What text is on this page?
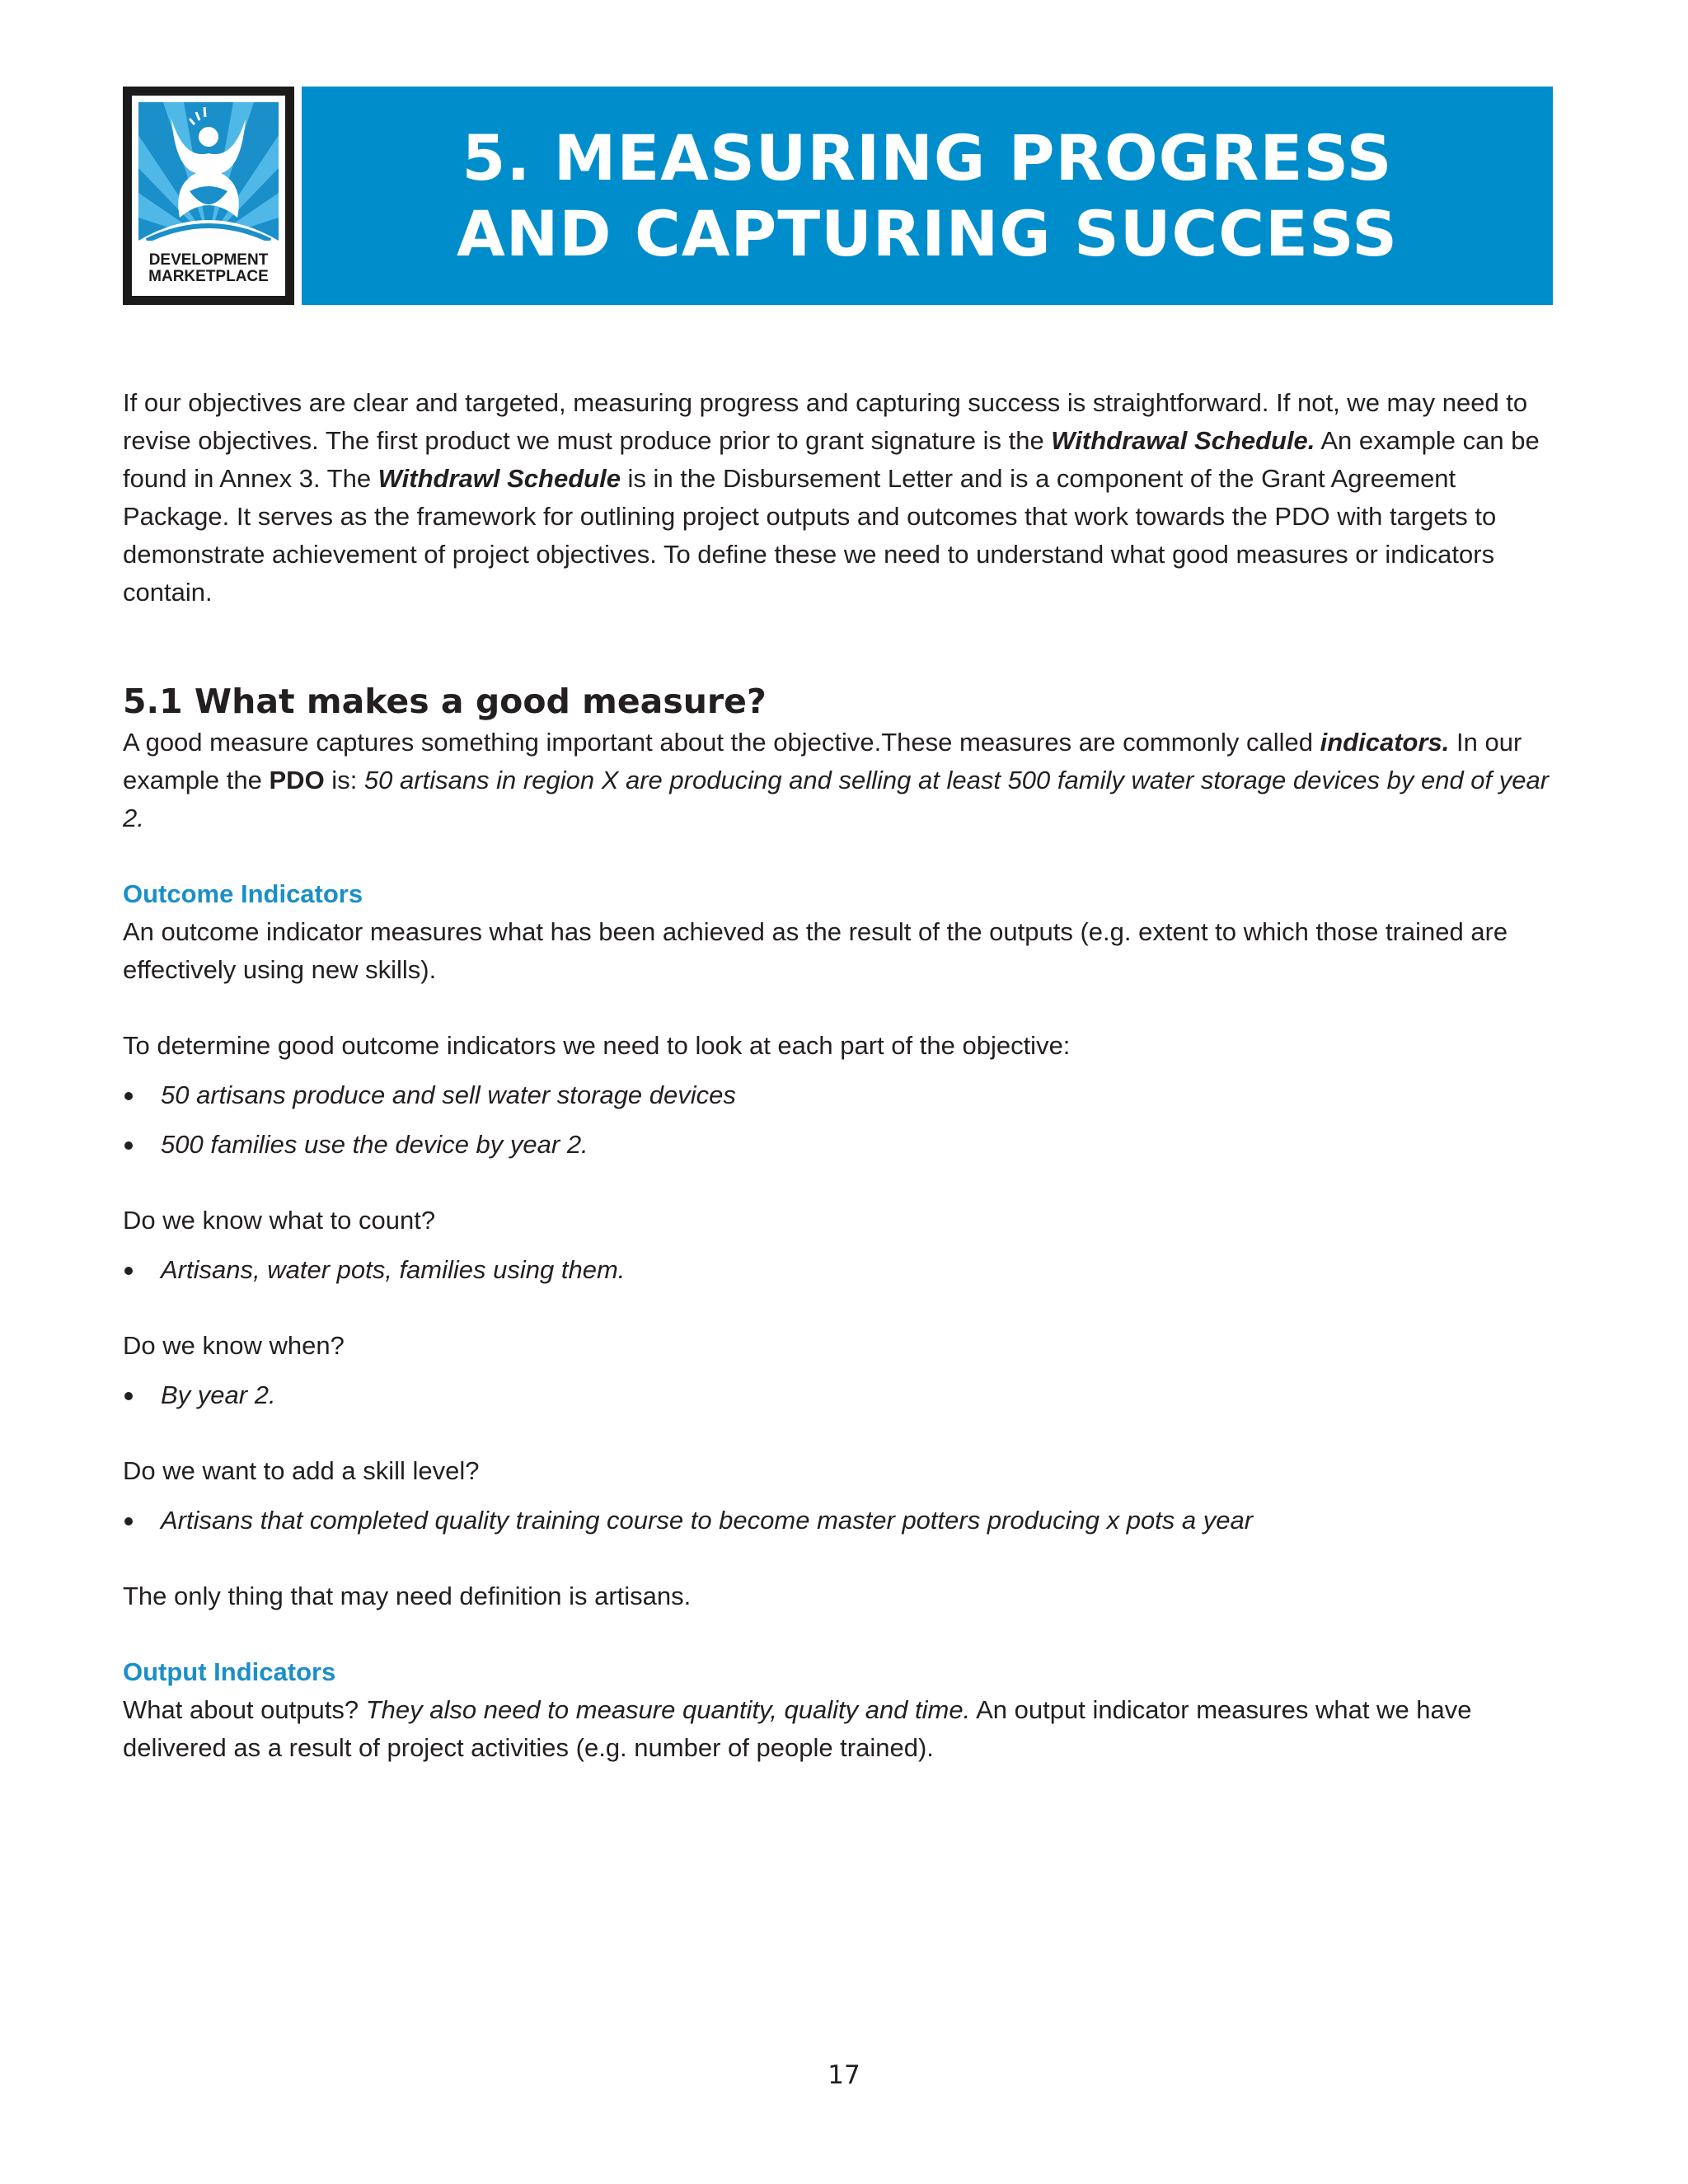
DEVELOPMENT
MARKETPLACE
5. MEASURING PROGRESS
AND CAPTURING SUCCESS

If our objectives are clear and targeted, measuring progress and capturing success is straightforward. If not, we may need to revise objectives. The first product we must produce prior to grant signature is the Withdrawal Schedule. An example can be found in Annex 3. The Withdrawl Schedule is in the Disbursement Letter and is a component of the Grant Agreement Package. It serves as the framework for outlining project outputs and outcomes that work towards the PDO with targets to demonstrate achievement of project objectives. To define these we need to understand what good measures or indicators contain.

5.1 What makes a good measure?

A good measure captures something important about the objective.These measures are commonly called indicators. In our example the PDO is: 50 artisans in region X are producing and selling at least 500 family water storage devices by end of year 2.

Outcome Indicators

An outcome indicator measures what has been achieved as the result of the outputs (e.g. extent to which those trained are effectively using new skills).

To determine good outcome indicators we need to look at each part of the objective:

50 artisans produce and sell water storage devices
500 families use the device by year 2.

Do we know what to count?

Artisans, water pots, families using them.

Do we know when?

By year 2.

Do we want to add a skill level?

Artisans that completed quality training course to become master potters producing x pots a year

The only thing that may need definition is artisans.

Output Indicators

What about outputs? They also need to measure quantity, quality and time. An output indicator measures what we have delivered as a result of project activities (e.g. number of people trained).

17
